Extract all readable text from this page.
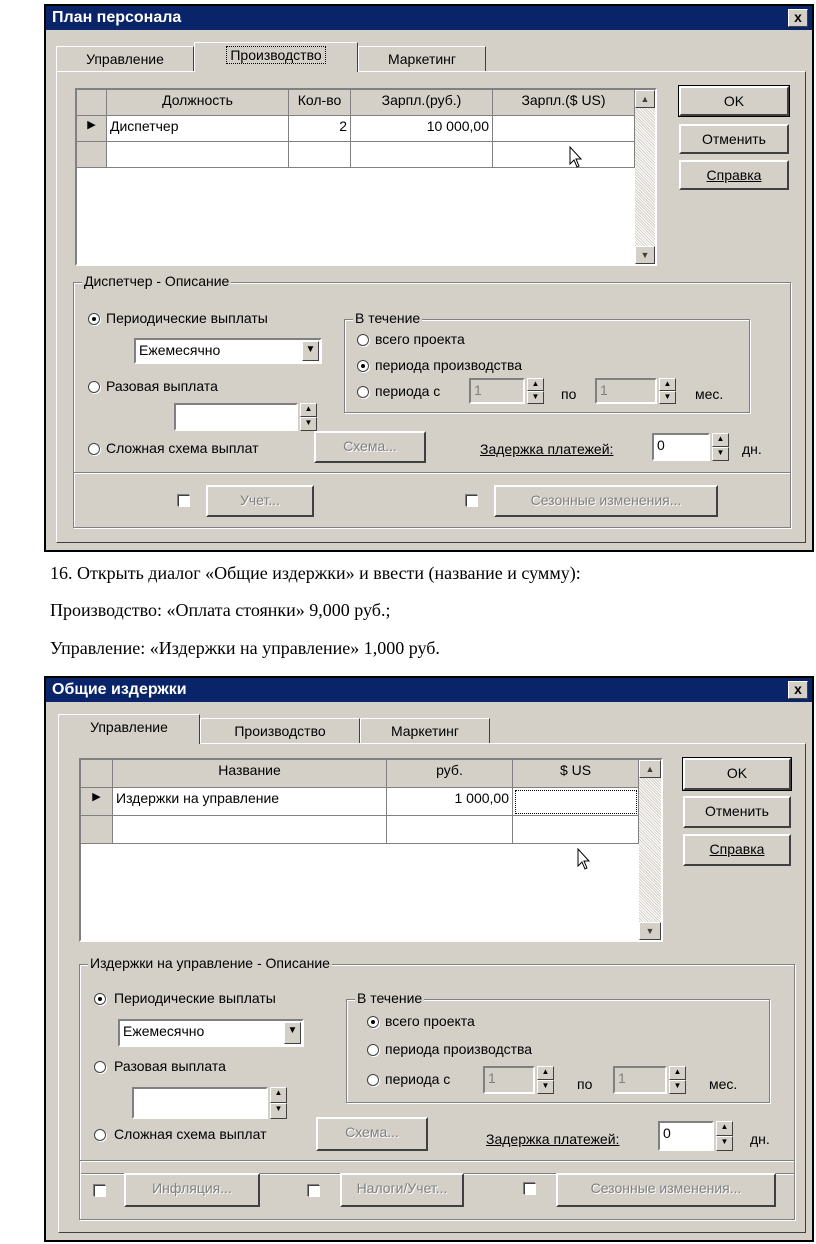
План персонала	x
Управление	Производство	Маркетинг
Должность	Кол-во	Зарпл.(руб.)	Зарпл.($ US)
▶	Диспетчер	2	10 000,00
▲
▼
OK
Отменить
Справка
Диспетчер - Описание
Периодические выплаты
Ежемесячно	▼
Разовая выплата
▲
▼
Сложная схема выплат	Схема...
В течение
всего проекта
периода производства
периода с	1	▲
▼	по	1	▲
▼	мес.
Задержка платежей:	0	▲
▼	дн.
Учет...	Сезонные изменения...
16. Открыть диалог «Общие издержки» и ввести (название и сумму):
Производство: «Оплата стоянки» 9,000 руб.;
Управление: «Издержки на управление» 1,000 руб.
Общие издержки	x
Управление	Производство	Маркетинг
Название	руб.	$ US
▶	Издержки на управление	1 000,00
▲
▼
OK
Отменить
Справка
Издержки на управление - Описание
Периодические выплаты
Ежемесячно	▼
Разовая выплата
▲
▼
Сложная схема выплат	Схема...
В течение
всего проекта
периода производства
периода с	1	▲
▼	по	1	▲
▼	мес.
Задержка платежей:	0	▲
▼	дн.
Инфляция...	Налоги/Учет...	Сезонные изменения...
